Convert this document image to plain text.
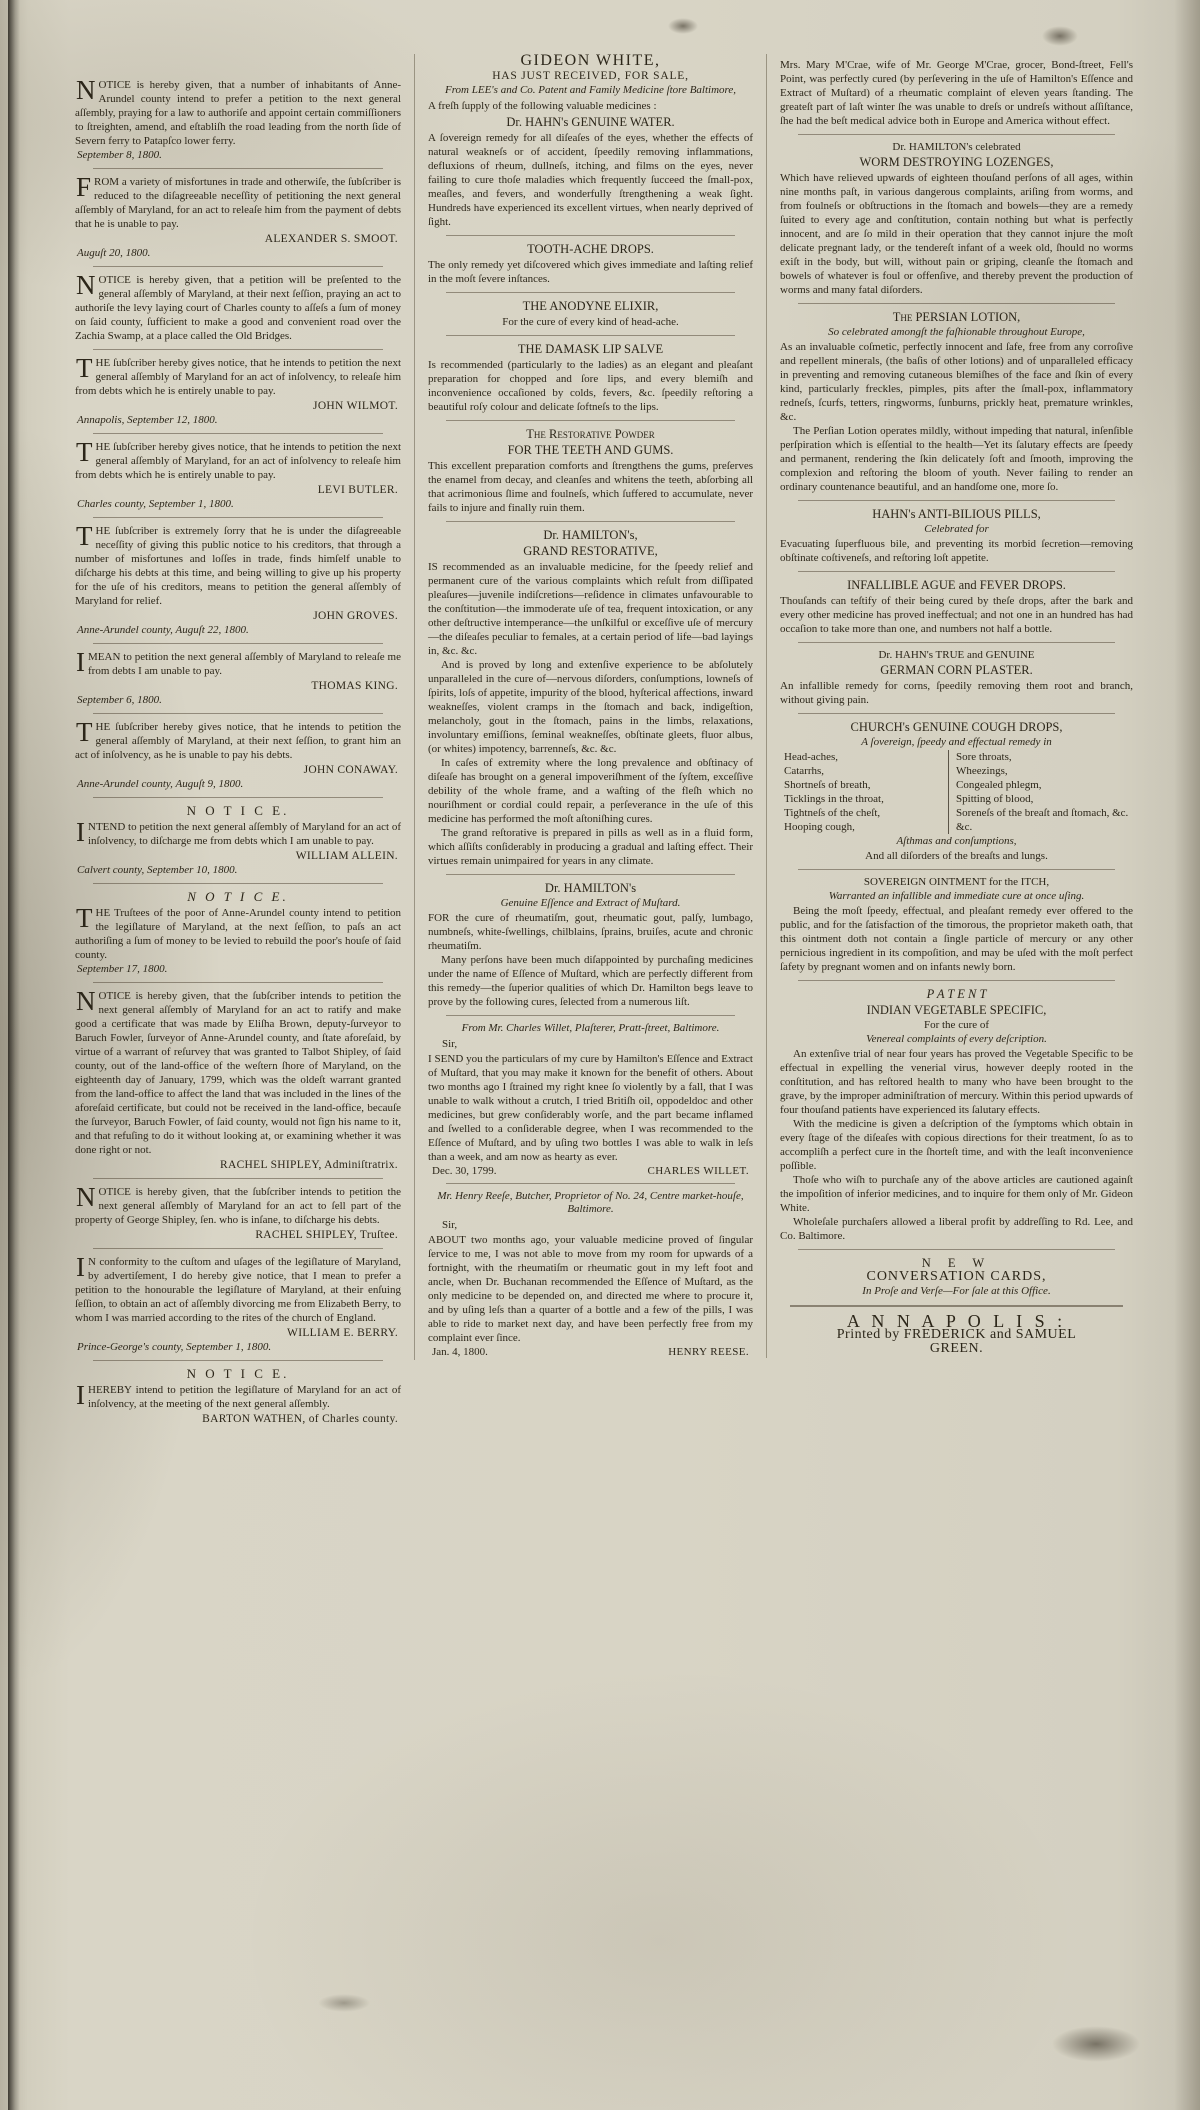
NOTICE is hereby given, that a number of inhabitants of Anne-Arundel county intend to prefer a petition to the next general aſſembly, praying for a law to authoriſe and appoint certain commiſſioners to ſtreighten, amend, and eſtabliſh the road leading from the north ſide of Severn ferry to Patapſco lower ferry.

September 8, 1800.

FROM a variety of misfortunes in trade and otherwiſe, the ſubſcriber is reduced to the diſagreeable neceſſity of petitioning the next general aſſembly of Maryland, for an act to releaſe him from the payment of debts that he is unable to pay.

ALEXANDER S. SMOOT.

Auguſt 20, 1800.

NOTICE is hereby given, that a petition will be preſented to the general aſſembly of Maryland, at their next ſeſſion, praying an act to authoriſe the levy laying court of Charles county to aſſeſs a ſum of money on ſaid county, ſufficient to make a good and convenient road over the Zachia Swamp, at a place called the Old Bridges.

THE ſubſcriber hereby gives notice, that he intends to petition the next general aſſembly of Maryland for an act of inſolvency, to releaſe him from debts which he is entirely unable to pay.

JOHN WILMOT.

Annapolis, September 12, 1800.

THE ſubſcriber hereby gives notice, that he intends to petition the next general aſſembly of Maryland, for an act of inſolvency to releaſe him from debts which he is entirely unable to pay.

LEVI BUTLER.

Charles county, September 1, 1800.

THE ſubſcriber is extremely ſorry that he is under the diſagreeable neceſſity of giving this public notice to his creditors, that through a number of misfortunes and loſſes in trade, finds himſelf unable to diſcharge his debts at this time, and being willing to give up his property for the uſe of his creditors, means to petition the general aſſembly of Maryland for relief.

JOHN GROVES.

Anne-Arundel county, Auguſt 22, 1800.

IMEAN to petition the next general aſſembly of Maryland to releaſe me from debts I am unable to pay.

THOMAS KING.

September 6, 1800.

THE ſubſcriber hereby gives notice, that he intends to petition the general aſſembly of Maryland, at their next ſeſſion, to grant him an act of inſolvency, as he is unable to pay his debts.

JOHN CONAWAY.

Anne-Arundel county, Auguſt 9, 1800.

N O T I C E.

INTEND to petition the next general aſſembly of Maryland for an act of inſolvency, to diſcharge me from debts which I am unable to pay.

WILLIAM ALLEIN.

Calvert county, September 10, 1800.

N O T I C E.

THE Truſtees of the poor of Anne-Arundel county intend to petition the legiſlature of Maryland, at the next ſeſſion, to paſs an act authoriſing a ſum of money to be levied to rebuild the poor's houſe of ſaid county.

September 17, 1800.

NOTICE is hereby given, that the ſubſcriber intends to petition the next general aſſembly of Maryland for an act to ratify and make good a certificate that was made by Eliſha Brown, deputy-ſurveyor to Baruch Fowler, ſurveyor of Anne-Arundel county, and ſtate aforeſaid, by virtue of a warrant of reſurvey that was granted to Talbot Shipley, of ſaid county, out of the land-office of the weſtern ſhore of Maryland, on the eighteenth day of January, 1799, which was the oldeſt warrant granted from the land-office to affect the land that was included in the lines of the aforeſaid certificate, but could not be received in the land-office, becauſe the ſurveyor, Baruch Fowler, of ſaid county, would not ſign his name to it, and that refuſing to do it without looking at, or examining whether it was done right or not.

RACHEL SHIPLEY, Adminiſtratrix.

NOTICE is hereby given, that the ſubſcriber intends to petition the next general aſſembly of Maryland for an act to ſell part of the property of George Shipley, ſen. who is inſane, to diſcharge his debts.

RACHEL SHIPLEY, Truſtee.

I N conformity to the cuſtom and uſages of the legiſlature of Maryland, by advertiſement, I do hereby give notice, that I mean to prefer a petition to the honourable the legiſlature of Maryland, at their enſuing ſeſſion, to obtain an act of aſſembly divorcing me from Elizabeth Berry, to whom I was married according to the rites of the church of England.

WILLIAM E. BERRY.

Prince-George's county, September 1, 1800.

N O T I C E.

IHEREBY intend to petition the legiſlature of Maryland for an act of inſolvency, at the meeting of the next general aſſembly.

BARTON WATHEN, of Charles county.

GIDEON WHITE,

HAS JUST RECEIVED, FOR SALE,

From LEE's and Co. Patent and Family Medicine ſtore Baltimore,

A freſh ſupply of the following valuable medicines :

Dr. HAHN's GENUINE WATER.

A ſovereign remedy for all diſeaſes of the eyes, whether the effects of natural weakneſs or of accident, ſpeedily removing inflammations, defluxions of rheum, dullneſs, itching, and films on the eyes, never failing to cure thoſe maladies which frequently ſucceed the ſmall-pox, meaſles, and fevers, and wonderfully ſtrengthening a weak ſight. Hundreds have experienced its excellent virtues, when nearly deprived of ſight.

TOOTH-ACHE DROPS.

The only remedy yet diſcovered which gives immediate and laſting relief in the moſt ſevere inſtances.

THE ANODYNE ELIXIR,

For the cure of every kind of head-ache.

THE DAMASK LIP SALVE

Is recommended (particularly to the ladies) as an elegant and pleaſant preparation for chopped and ſore lips, and every blemiſh and inconvenience occaſioned by colds, fevers, &c. ſpeedily reſtoring a beautiful roſy colour and delicate ſoftneſs to the lips.

The Restorative Powder

FOR THE TEETH AND GUMS.

This excellent preparation comforts and ſtrengthens the gums, preſerves the enamel from decay, and cleanſes and whitens the teeth, abſorbing all that acrimonious ſlime and foulneſs, which ſuffered to accumulate, never fails to injure and finally ruin them.

Dr. HAMILTON's,

GRAND RESTORATIVE,

IS recommended as an invaluable medicine, for the ſpeedy relief and permanent cure of the various complaints which reſult from diſſipated pleaſures—juvenile indiſcretions—reſidence in climates unfavourable to the conſtitution—the immoderate uſe of tea, frequent intoxication, or any other deſtructive intemperance—the unſkilful or exceſſive uſe of mercury—the diſeaſes peculiar to females, at a certain period of life—bad layings in, &c. &c.

And is proved by long and extenſive experience to be abſolutely unparalleled in the cure of—nervous diſorders, conſumptions, lowneſs of ſpirits, loſs of appetite, impurity of the blood, hyſterical affections, inward weakneſſes, violent cramps in the ſtomach and back, indigeſtion, melancholy, gout in the ſtomach, pains in the limbs, relaxations, involuntary emiſſions, ſeminal weakneſſes, obſtinate gleets, fluor albus, (or whites) impotency, barrenneſs, &c. &c.

In caſes of extremity where the long prevalence and obſtinacy of diſeaſe has brought on a general impoveriſhment of the ſyſtem, exceſſive debility of the whole frame, and a waſting of the fleſh which no nouriſhment or cordial could repair, a perſeverance in the uſe of this medicine has performed the moſt aſtoniſhing cures.

The grand reſtorative is prepared in pills as well as in a fluid form, which aſſiſts conſiderably in producing a gradual and laſting effect. Their virtues remain unimpaired for years in any climate.

Dr. HAMILTON's

Genuine Eſſence and Extract of Muſtard.

FOR the cure of rheumatiſm, gout, rheumatic gout, palſy, lumbago, numbneſs, white-ſwellings, chilblains, ſprains, bruiſes, acute and chronic rheumatiſm.

Many perſons have been much diſappointed by purchaſing medicines under the name of Eſſence of Muſtard, which are perfectly different from this remedy—the ſuperior qualities of which Dr. Hamilton begs leave to prove by the following cures, ſelected from a numerous liſt.

From Mr. Charles Willet, Plaſterer, Pratt-ſtreet, Baltimore.

Sir,

I SEND you the particulars of my cure by Hamilton's Eſſence and Extract of Muſtard, that you may make it known for the benefit of others. About two months ago I ſtrained my right knee ſo violently by a fall, that I was unable to walk without a crutch, I tried Britiſh oil, oppodeldoc and other medicines, but grew conſiderably worſe, and the part became inflamed and ſwelled to a conſiderable degree, when I was recommended to the Eſſence of Muſtard, and by uſing two bottles I was able to walk in leſs than a week, and am now as hearty as ever.

Dec. 30, 1799.	CHARLES WILLET.

Mr. Henry Reeſe, Butcher, Proprietor of No. 24, Centre market-houſe, Baltimore.

Sir,

ABOUT two months ago, your valuable medicine proved of ſingular ſervice to me, I was not able to move from my room for upwards of a fortnight, with the rheumatiſm or rheumatic gout in my left foot and ancle, when Dr. Buchanan recommended the Eſſence of Muſtard, as the only medicine to be depended on, and directed me where to procure it, and by uſing leſs than a quarter of a bottle and a few of the pills, I was able to ride to market next day, and have been perfectly free from my complaint ever ſince.

Jan. 4, 1800.	HENRY REESE.

Mrs. Mary M'Crae, wife of Mr. George M'Crae, grocer, Bond-ſtreet, Fell's Point, was perfectly cured (by perſevering in the uſe of Hamilton's Eſſence and Extract of Muſtard) of a rheumatic complaint of eleven years ſtanding. The greateſt part of laſt winter ſhe was unable to dreſs or undreſs without aſſiſtance, ſhe had the beſt medical advice both in Europe and America without effect.

Dr. HAMILTON's celebrated

WORM DESTROYING LOZENGES,

Which have relieved upwards of eighteen thouſand perſons of all ages, within nine months paſt, in various dangerous complaints, ariſing from worms, and from foulneſs or obſtructions in the ſtomach and bowels—they are a remedy ſuited to every age and conſtitution, contain nothing but what is perfectly innocent, and are ſo mild in their operation that they cannot injure the moſt delicate pregnant lady, or the tendereſt infant of a week old, ſhould no worms exiſt in the body, but will, without pain or griping, cleanſe the ſtomach and bowels of whatever is foul or offenſive, and thereby prevent the production of worms and many fatal diſorders.

The PERSIAN LOTION,

So celebrated amongſt the faſhionable throughout Europe,

As an invaluable coſmetic, perfectly innocent and ſafe, free from any corroſive and repellent minerals, (the baſis of other lotions) and of unparalleled efficacy in preventing and removing cutaneous blemiſhes of the face and ſkin of every kind, particularly freckles, pimples, pits after the ſmall-pox, inflammatory redneſs, ſcurfs, tetters, ringworms, ſunburns, prickly heat, premature wrinkles, &c.

The Perſian Lotion operates mildly, without impeding that natural, inſenſible perſpiration which is eſſential to the health—Yet its ſalutary effects are ſpeedy and permanent, rendering the ſkin delicately ſoft and ſmooth, improving the complexion and reſtoring the bloom of youth. Never failing to render an ordinary countenance beautiful, and an handſome one, more ſo.

HAHN's ANTI-BILIOUS PILLS,

Celebrated for

Evacuating ſuperfluous bile, and preventing its morbid ſecretion—removing obſtinate coſtiveneſs, and reſtoring loſt appetite.

INFALLIBLE AGUE and FEVER DROPS.

Thouſands can teſtify of their being cured by theſe drops, after the bark and every other medicine has proved ineffectual; and not one in an hundred has had occaſion to take more than one, and numbers not half a bottle.

Dr. HAHN's TRUE and GENUINE

GERMAN CORN PLASTER.

An infallible remedy for corns, ſpeedily removing them root and branch, without giving pain.

CHURCH's GENUINE COUGH DROPS,

A ſovereign, ſpeedy and effectual remedy in

Head-aches,
Catarrhs,
Shortneſs of breath,
Ticklings in the throat,
Tightneſs of the cheſt,
Hooping cough,
Sore throats,
Wheezings,
Congealed phlegm,
Spitting of blood,
Soreneſs of the breaſt and ſtomach, &c. &c.

Aſthmas and conſumptions,

And all diſorders of the breaſts and lungs.

SOVEREIGN OINTMENT for the ITCH,

Warranted an infallible and immediate cure at once uſing.

Being the moſt ſpeedy, effectual, and pleaſant remedy ever offered to the public, and for the ſatisfaction of the timorous, the proprietor maketh oath, that this ointment doth not contain a ſingle particle of mercury or any other pernicious ingredient in its compoſition, and may be uſed with the moſt perfect ſafety by pregnant women and on infants newly born.

P A T E N T

INDIAN VEGETABLE SPECIFIC,

For the cure of

Venereal complaints of every deſcription.

An extenſive trial of near four years has proved the Vegetable Specific to be effectual in expelling the venerial virus, however deeply rooted in the conſtitution, and has reſtored health to many who have been brought to the grave, by the improper adminiſtration of mercury. Within this period upwards of four thouſand patients have experienced its ſalutary effects.

With the medicine is given a deſcription of the ſymptoms which obtain in every ſtage of the diſeaſes with copious directions for their treatment, ſo as to accompliſh a perfect cure in the ſhorteſt time, and with the leaſt inconvenience poſſible.

Thoſe who wiſh to purchaſe any of the above articles are cautioned againſt the impoſition of inferior medicines, and to inquire for them only of Mr. Gideon White.

Wholeſale purchaſers allowed a liberal profit by addreſſing to Rd. Lee, and Co. Baltimore.

N E W

CONVERSATION CARDS,

In Proſe and Verſe—For ſale at this Office.

A N N A P O L I S :

Printed by FREDERICK and SAMUEL

GREEN.
